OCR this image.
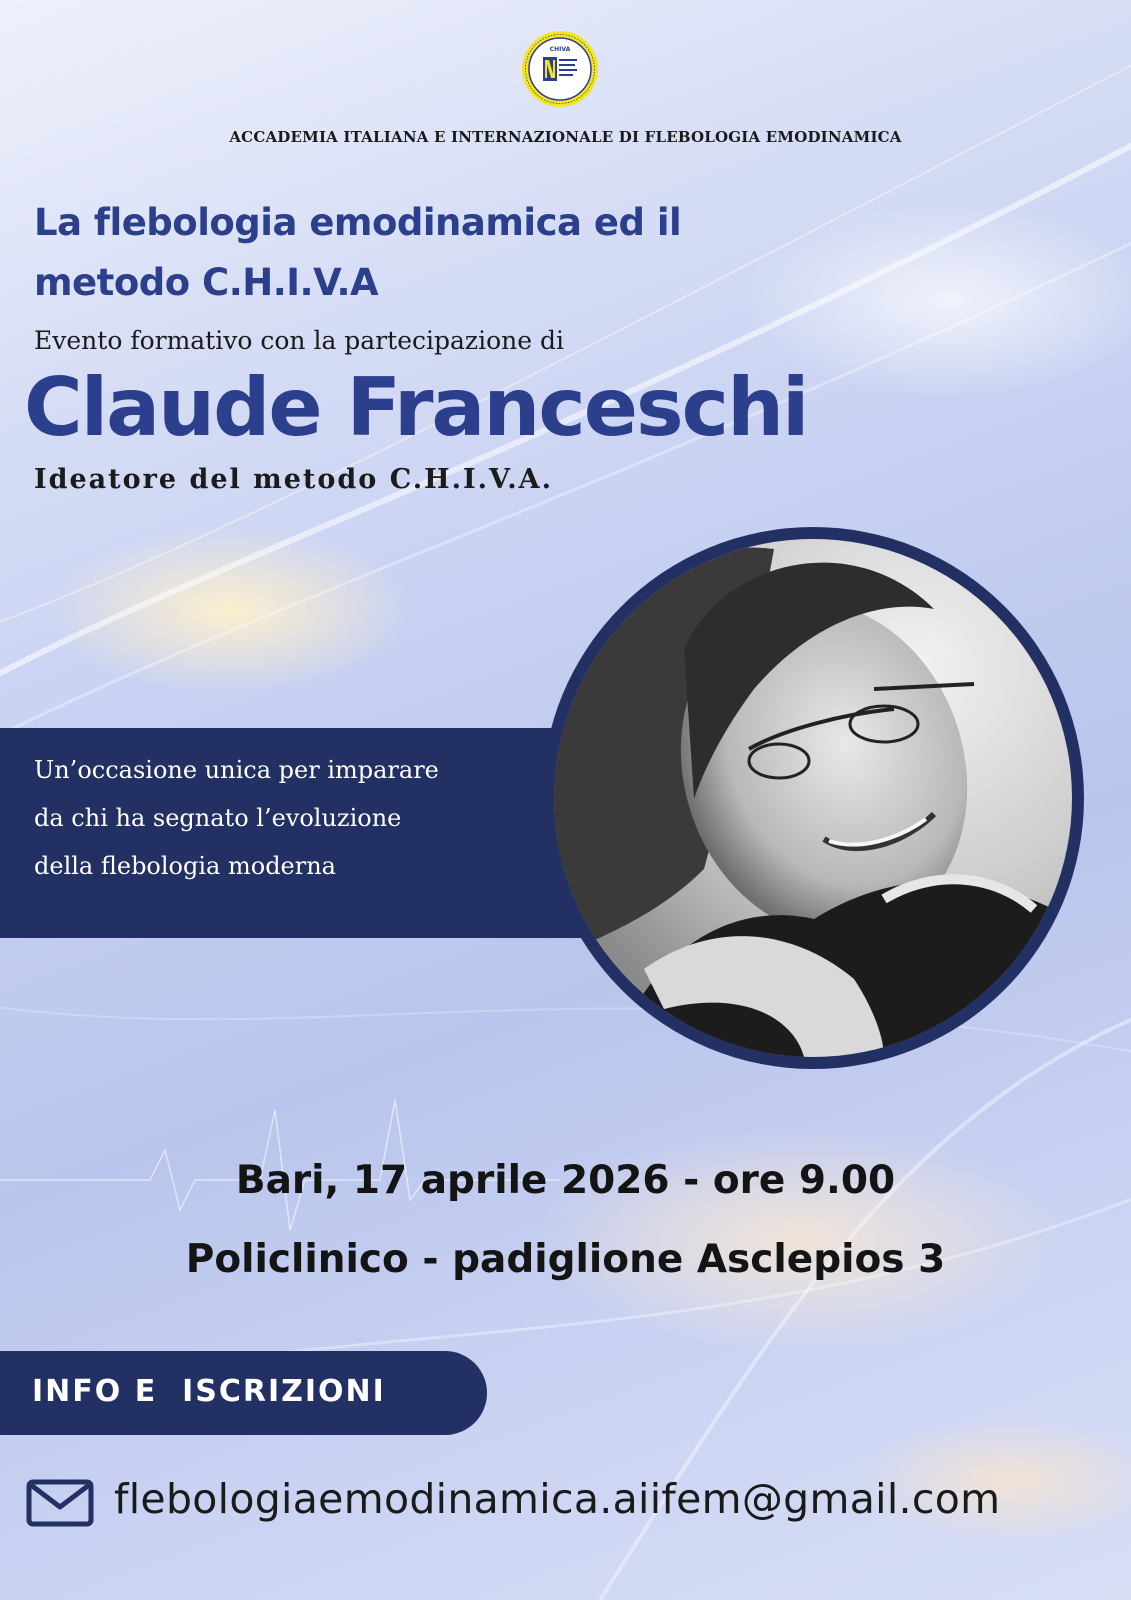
CHIVA
ACCADEMIA ITALIANA E INTERNAZIONALE DI FLEBOLOGIA EMODINAMICA
La flebologia emodinamica ed il
metodo C.H.I.V.A
Evento formativo con la partecipazione di
Claude Franceschi
Ideatore del metodo C.H.I.V.A.

Un’occasione unica per imparare
da chi ha segnato l’evoluzione
della flebologia moderna

Bari, 17 aprile 2026 - ore 9.00
Policlinico - padiglione Asclepios 3
INFO E  ISCRIZIONI
flebologiaemodinamica.aiifem@gmail.com
